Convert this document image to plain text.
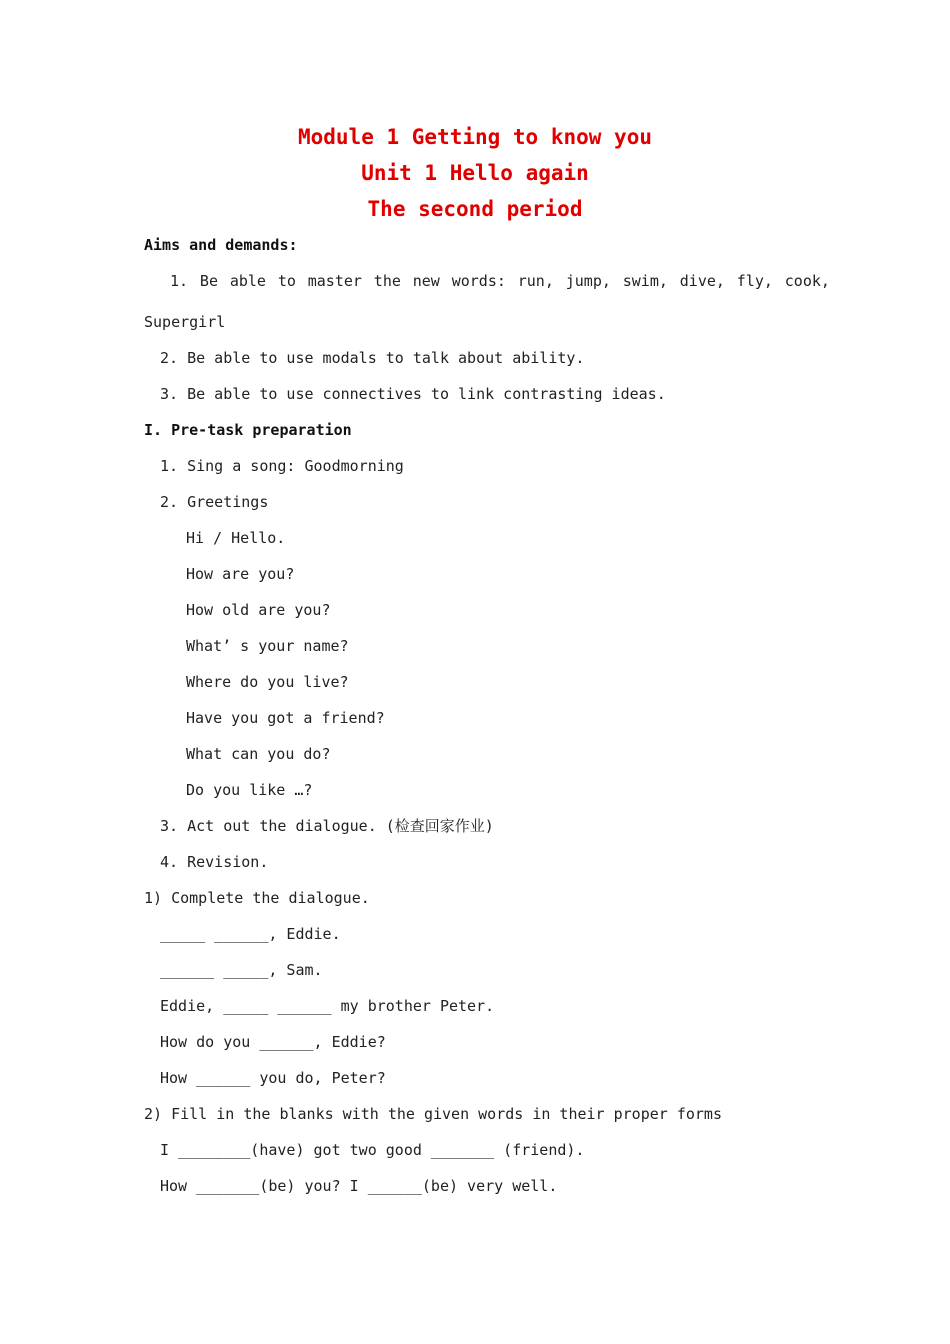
Module 1 Getting to know you
Unit 1 Hello again
The second period
Aims and demands:
1. Be able to master the new words: run, jump, swim, dive, fly, cook,
Supergirl
2. Be able to use modals to talk about ability.
3. Be able to use connectives to link contrasting ideas.
I. Pre-task preparation
1. Sing a song: Goodmorning
2. Greetings
Hi / Hello.
How are you?
How old are you?
What’ s your name?
Where do you live?
Have you got a friend?
What can you do?
Do you like …?
3. Act out the dialogue. (检查回家作业)
4. Revision.
1) Complete the dialogue.
_____ ______, Eddie.
______ _____, Sam.
Eddie, _____ ______ my brother Peter.
How do you ______, Eddie?
How ______ you do, Peter?
2) Fill in the blanks with the given words in their proper forms
I ________(have) got two good _______ (friend).
How _______(be) you? I ______(be) very well.
